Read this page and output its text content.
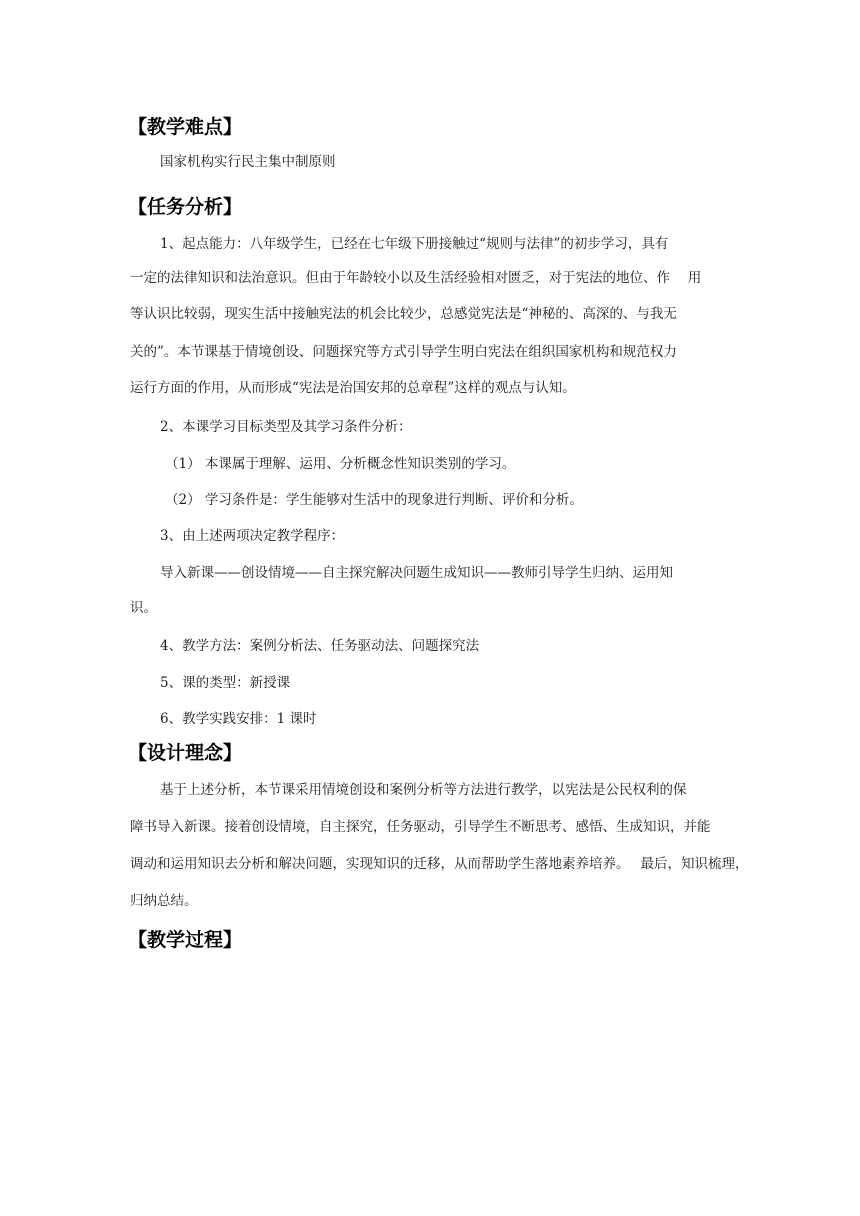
【教学难点】
国家机构实行民主集中制原则
【任务分析】
1、起点能力：八年级学生，已经在七年级下册接触过“规则与法律”的初步学习，具有
一定的法律知识和法治意识。但由于年龄较小以及生活经验相对匮乏，对于宪法的地位、作　 用
等认识比较弱，现实生活中接触宪法的机会比较少，总感觉宪法是“神秘的、高深的、与我无
关的”。本节课基于情境创设、问题探究等方式引导学生明白宪法在组织国家机构和规范权力
运行方面的作用，从而形成“宪法是治国安邦的总章程”这样的观点与认知。
2、本课学习目标类型及其学习条件分析：
（1） 本课属于理解、运用、分析概念性知识类别的学习。
（2） 学习条件是：学生能够对生活中的现象进行判断、评价和分析。
3、由上述两项决定教学程序：
导入新课——创设情境——自主探究解决问题生成知识——教师引导学生归纳、运用知
识。
4、教学方法：案例分析法、任务驱动法、问题探究法
5、课的类型：新授课
6、教学实践安排：1 课时
【设计理念】
基于上述分析，本节课采用情境创设和案例分析等方法进行教学，以宪法是公民权利的保
障书导入新课。接着创设情境，自主探究，任务驱动，引导学生不断思考、感悟、生成知识，并能
调动和运用知识去分析和解决问题，实现知识的迁移，从而帮助学生落地素养培养。　 最后，知识梳理，
归纳总结。
【教学过程】
